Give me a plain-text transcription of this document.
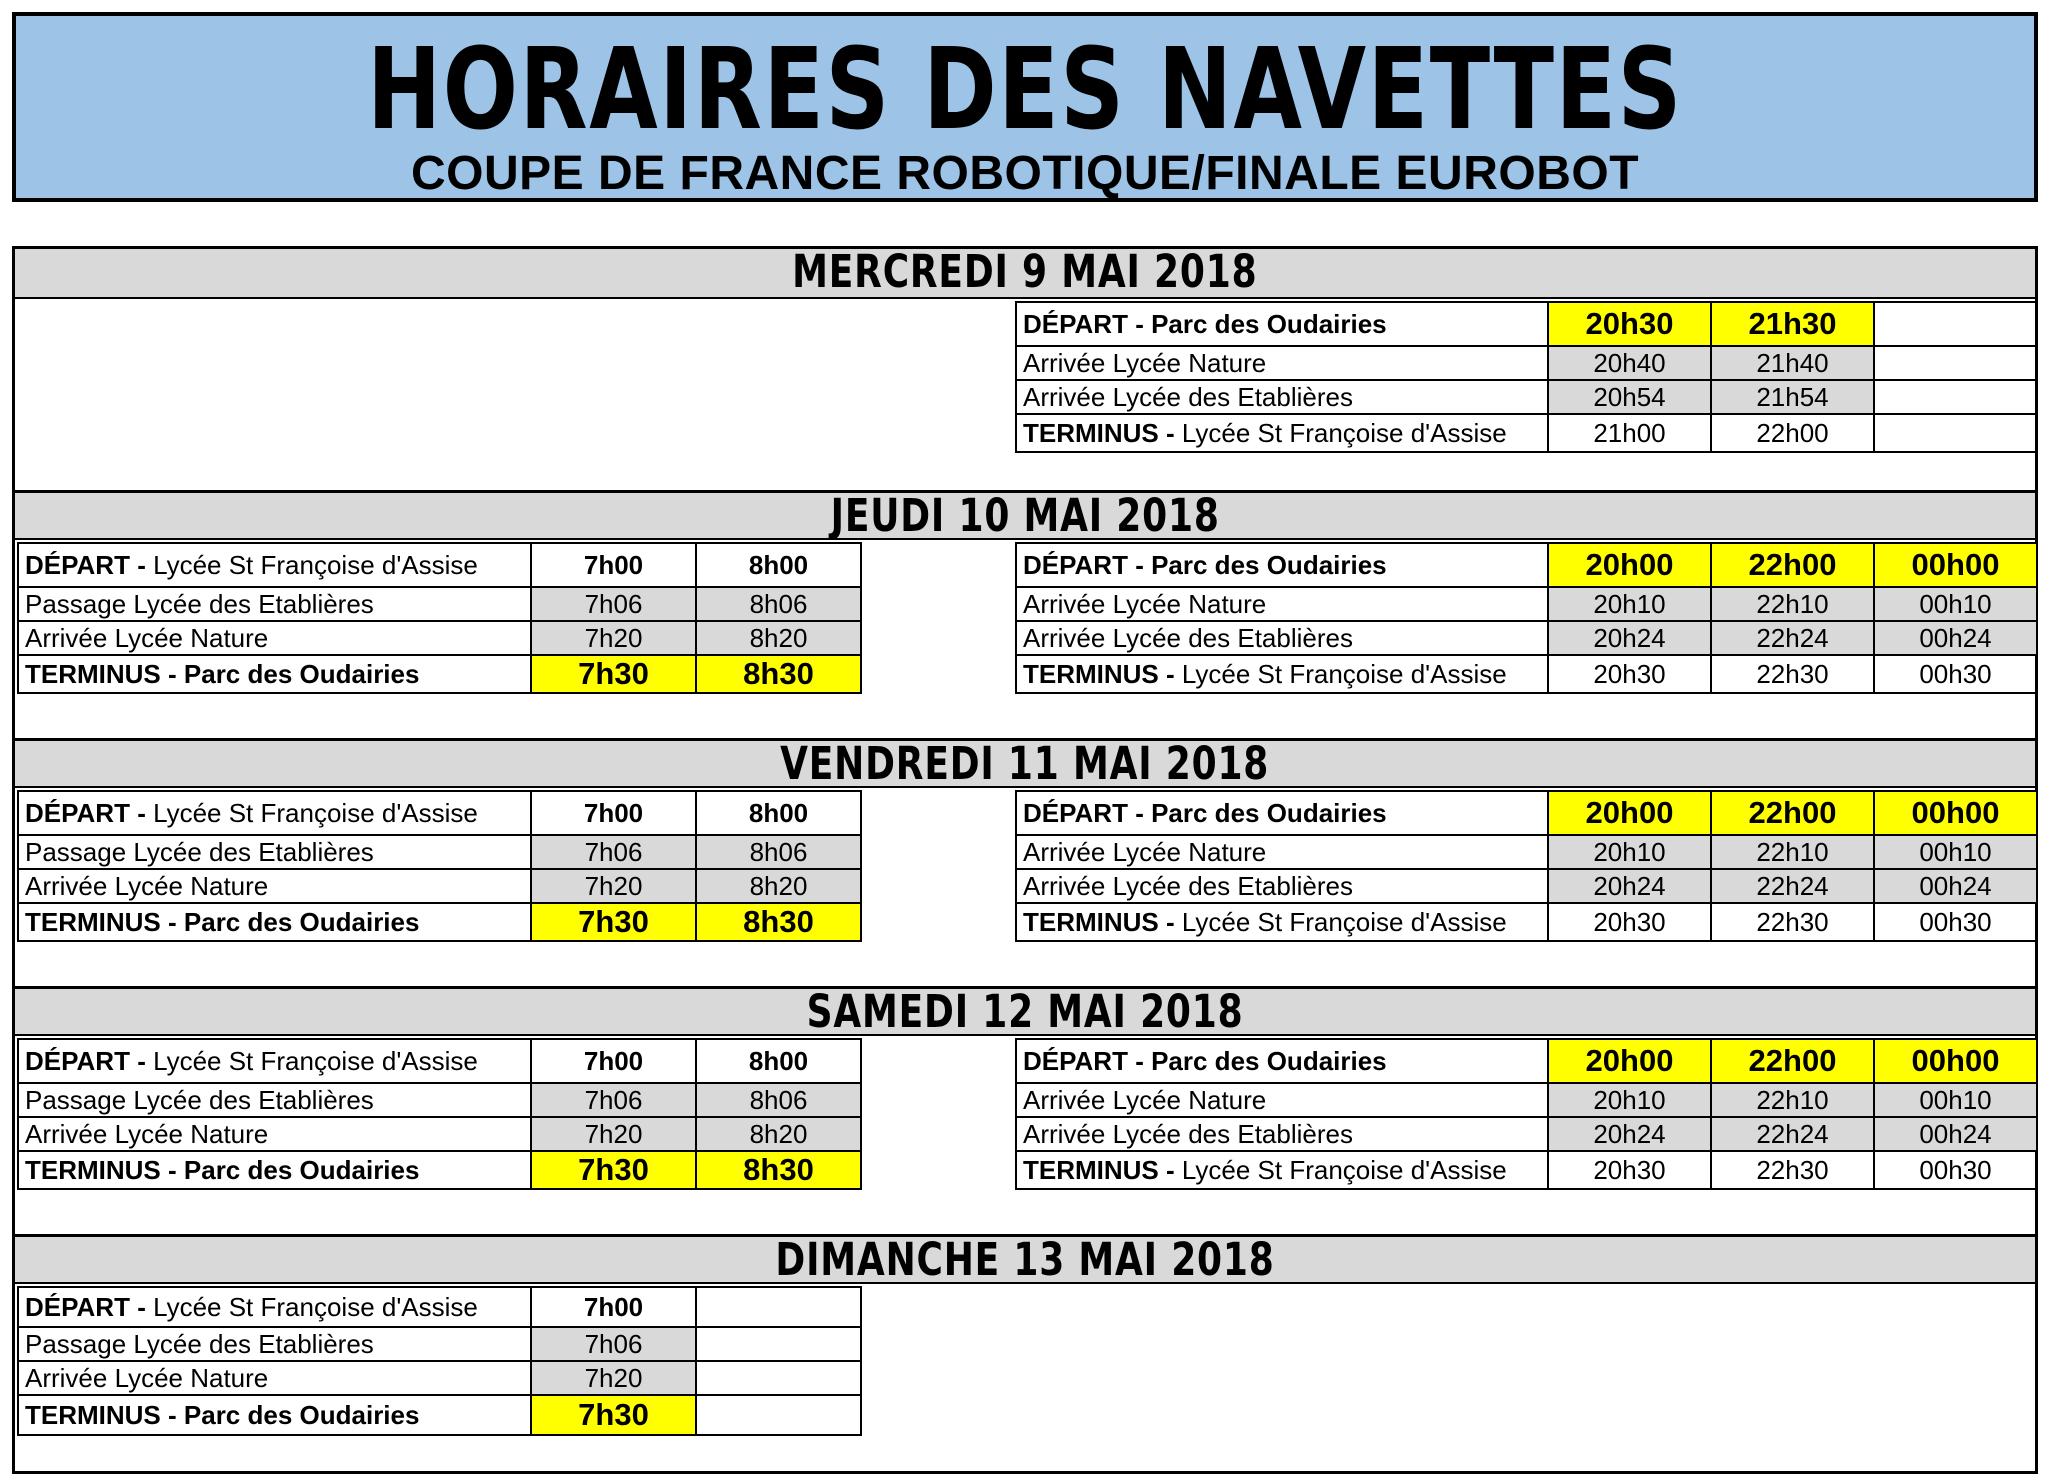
HORAIRES DES NAVETTES
COUPE DE FRANCE ROBOTIQUE/FINALE EUROBOT
MERCREDI 9 MAI 2018
DÉPART - Parc des Oudairies	20h30	21h30	
Arrivée Lycée Nature	20h40	21h40	
Arrivée Lycée des Etablières	20h54	21h54	
TERMINUS - Lycée St Françoise d'Assise	21h00	22h00	
JEUDI 10 MAI 2018
DÉPART - Lycée St Françoise d'Assise	7h00	8h00
Passage Lycée des Etablières	7h06	8h06
Arrivée Lycée Nature	7h20	8h20
TERMINUS - Parc des Oudairies	7h30	8h30
DÉPART - Parc des Oudairies	20h00	22h00	00h00
Arrivée Lycée Nature	20h10	22h10	00h10
Arrivée Lycée des Etablières	20h24	22h24	00h24
TERMINUS - Lycée St Françoise d'Assise	20h30	22h30	00h30
VENDREDI 11 MAI 2018
DÉPART - Lycée St Françoise d'Assise	7h00	8h00
Passage Lycée des Etablières	7h06	8h06
Arrivée Lycée Nature	7h20	8h20
TERMINUS - Parc des Oudairies	7h30	8h30
DÉPART - Parc des Oudairies	20h00	22h00	00h00
Arrivée Lycée Nature	20h10	22h10	00h10
Arrivée Lycée des Etablières	20h24	22h24	00h24
TERMINUS - Lycée St Françoise d'Assise	20h30	22h30	00h30
SAMEDI 12 MAI 2018
DÉPART - Lycée St Françoise d'Assise	7h00	8h00
Passage Lycée des Etablières	7h06	8h06
Arrivée Lycée Nature	7h20	8h20
TERMINUS - Parc des Oudairies	7h30	8h30
DÉPART - Parc des Oudairies	20h00	22h00	00h00
Arrivée Lycée Nature	20h10	22h10	00h10
Arrivée Lycée des Etablières	20h24	22h24	00h24
TERMINUS - Lycée St Françoise d'Assise	20h30	22h30	00h30
DIMANCHE 13 MAI 2018
DÉPART - Lycée St Françoise d'Assise	7h00	
Passage Lycée des Etablières	7h06	
Arrivée Lycée Nature	7h20	
TERMINUS - Parc des Oudairies	7h30	
